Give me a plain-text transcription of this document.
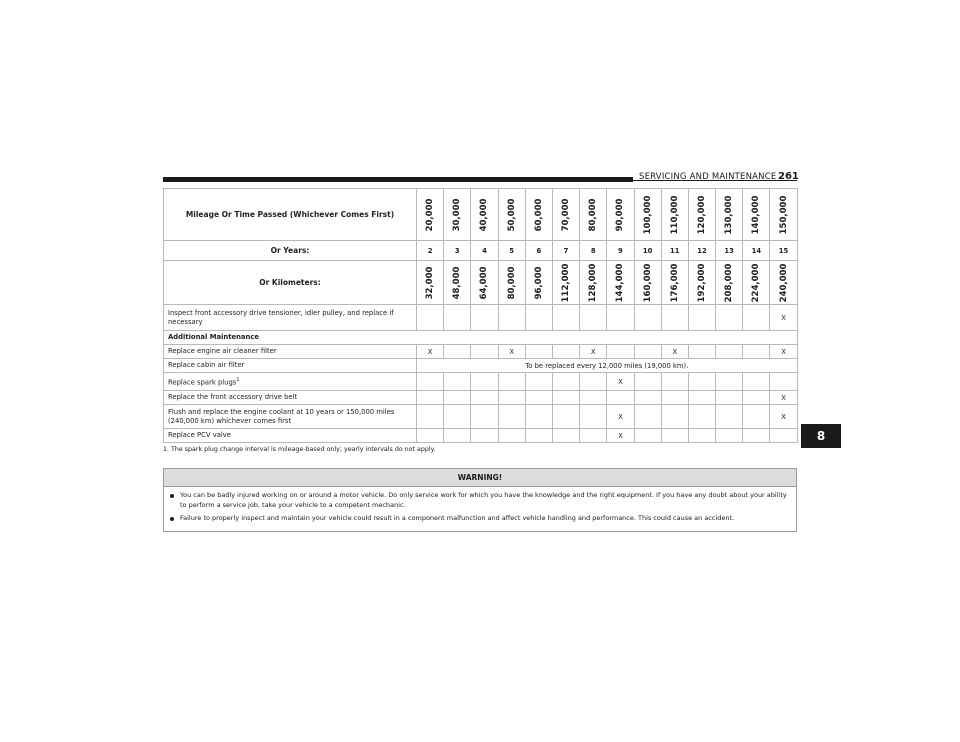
SERVICING AND MAINTENANCE 261
8
Mileage Or Time Passed (Whichever Comes First)	20,000	30,000	40,000	50,000	60,000	70,000	80,000	90,000	100,000	110,000	120,000	130,000	140,000	150,000

Or Years:	2	3	4	5	6	7	8	9	10	11	12	13	14	15
Or Kilometers:	32,000	48,000	64,000	80,000	96,000	112,000	128,000	144,000	160,000	176,000	192,000	208,000	224,000	240,000

Inspect front accessory drive tensioner, idler pulley, and replace if necessary														X
Additional Maintenance														
Replace engine air cleaner filter	X			X			X			X				X
Replace cabin air filter	To be replaced every 12,000 miles (19,000 km).													
Replace spark plugs$^1$								X						
Replace the front accessory drive belt														X
Flush and replace the engine coolant at 10 years or 150,000 miles (240,000 km) whichever comes first								X						X
Replace PCV valve								X						
1. The spark plug change interval is mileage-based only; yearly intervals do not apply.
WARNING!
You can be badly injured working on or around a motor vehicle. Do only service work for which you have the knowledge and the right equipment. If you have any doubt about your ability to perform a service job, take your vehicle to a competent mechanic.
Failure to properly inspect and maintain your vehicle could result in a component malfunction and affect vehicle handling and performance. This could cause an accident.
